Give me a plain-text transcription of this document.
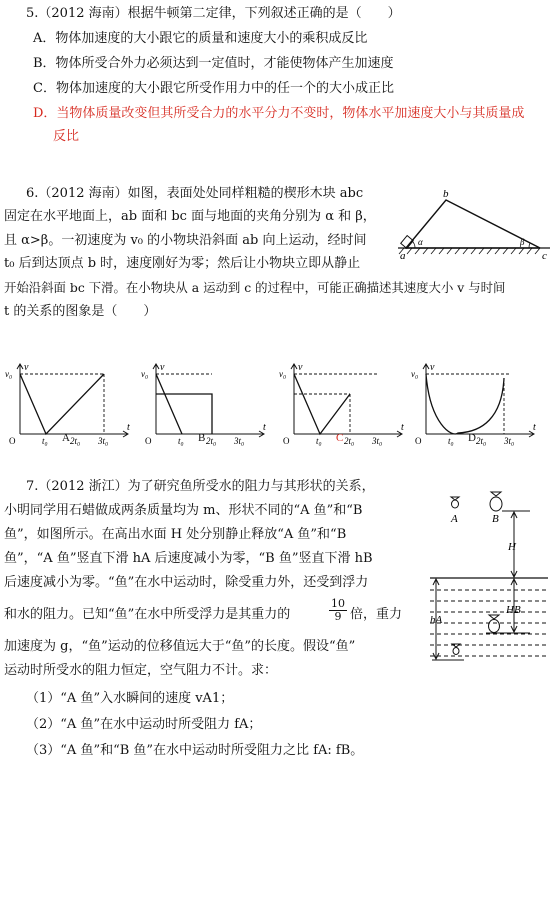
5.（2012 海南）根据牛顿第二定律，下列叙述正确的是（　　）
A．物体加速度的大小跟它的质量和速度大小的乘积成反比
B．物体所受合外力必须达到一定值时，才能使物体产生加速度
C．物体加速度的大小跟它所受作用力中的任一个的大小成正比
D．当物体质量改变但其所受合力的水平分力不变时，物体水平加速度大小与其质量成
反比
6.（2012 海南）如图，表面处处同样粗糙的楔形木块 abc
固定在水平地面上，ab 面和 bc 面与地面的夹角分别为 α 和 β，
且 α>β。一初速度为 v₀ 的小物块沿斜面 ab 向上运动，经时间
t₀ 后到达顶点 b 时，速度刚好为零；然后让小物块立即从静止
开始沿斜面 bc 下滑。在小物块从 a 运动到 c 的过程中，可能正确描述其速度大小 v 与时间
t 的关系的图象是（　　）
b
a	c
α	β
v
t
v₀
O	t₀ 2t₀ 3t₀
v
t
v₀
O	t₀ 2t₀ 3t₀
v
t
v₀
O	t₀ 2t₀ 3t₀
v
t
v₀
O	t₀ 2t₀ 3t₀
A	B	C	D
7.（2012 浙江）为了研究鱼所受水的阻力与其形状的关系，
小明同学用石蜡做成两条质量均为 m、形状不同的“A 鱼”和“B
鱼”，如图所示。在高出水面 H 处分别静止释放“A 鱼”和“B
鱼”，“A 鱼”竖直下滑 hA 后速度减小为零，“B 鱼”竖直下滑 hB
后速度减小为零。“鱼”在水中运动时，除受重力外，还受到浮力
和水的阻力。已知“鱼”在水中所受浮力是其重力的	$\frac{10}{9}$ 倍，重力
加速度为 g，“鱼”运动的位移值远大于“鱼”的长度。假设“鱼”
运动时所受水的阻力恒定，空气阻力不计。求：
（1）“A 鱼”入水瞬间的速度 vA1；
（2）“A 鱼”在水中运动时所受阻力 fA；
（3）“A 鱼”和“B 鱼”在水中运动时所受阻力之比 fA: fB。
A	B
H
HB
hA
